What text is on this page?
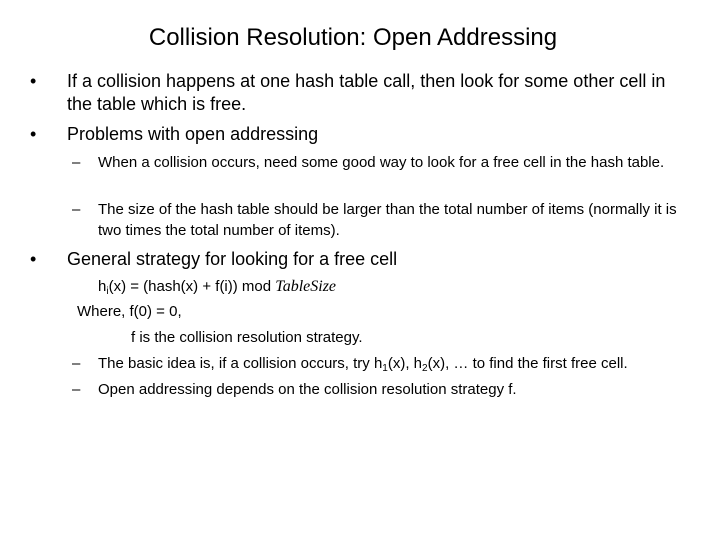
Collision Resolution: Open Addressing
•	If a collision happens at one hash table call, then look for some other cell in the table which is free.
•	Problems with open addressing
– When a collision occurs, need some good way to look for a free cell in the hash table.
– The size of the hash table should be larger than the total number of items (normally it is two times the total number of items).
•	General strategy for looking for a free cell
$h_i(x)$ = (hash(x) + f(i)) mod TableSize
Where, f(0) = 0,
f is the collision resolution strategy.
– The basic idea is, if a collision occurs, try $h_1(x)$, $h_2(x)$, … to find the first free cell.
– Open addressing depends on the collision resolution strategy f.
